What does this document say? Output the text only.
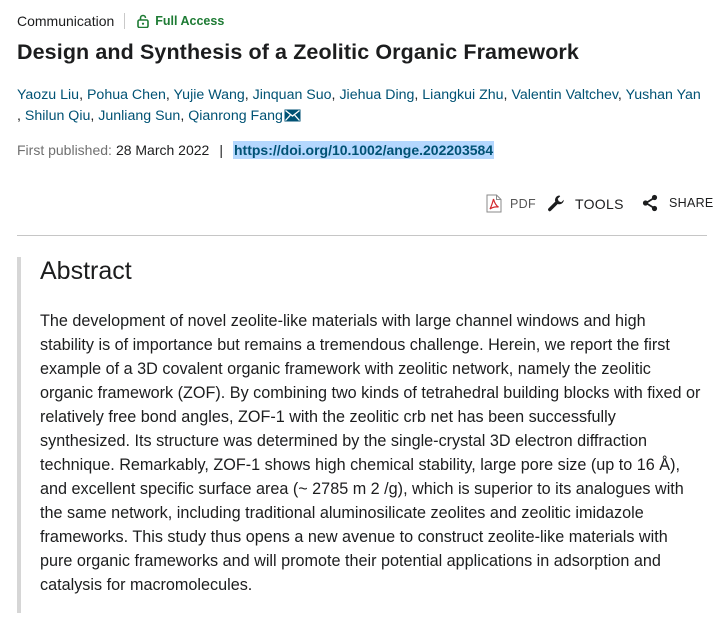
Communication	Full Access
Design and Synthesis of a Zeolitic Organic Framework
Yaozu Liu, Pohua Chen, Yujie Wang, Jinquan Suo, Jiehua Ding, Liangkui Zhu, Valentin Valtchev, Yushan Yan
, Shilun Qiu, Junliang Sun, Qianrong Fang
First published: 28 March 2022 | https://doi.org/10.1002/ange.202203584
PDF	TOOLS	SHARE
Abstract

The development of novel zeolite-like materials with large channel windows and high stability is of importance but remains a tremendous challenge. Herein, we report the first example of a 3D covalent organic framework with zeolitic network, namely the zeolitic organic framework (ZOF). By combining two kinds of tetrahedral building blocks with fixed or relatively free bond angles, ZOF-1 with the zeolitic crb net has been successfully synthesized. Its structure was determined by the single-crystal 3D electron diffraction technique. Remarkably, ZOF-1 shows high chemical stability, large pore size (up to 16 Å), and excellent specific surface area (~ 2785 m 2 /g), which is superior to its analogues with the same network, including traditional aluminosilicate zeolites and zeolitic imidazole frameworks. This study thus opens a new avenue to construct zeolite-like materials with pure organic frameworks and will promote their potential applications in adsorption and catalysis for macromolecules.
